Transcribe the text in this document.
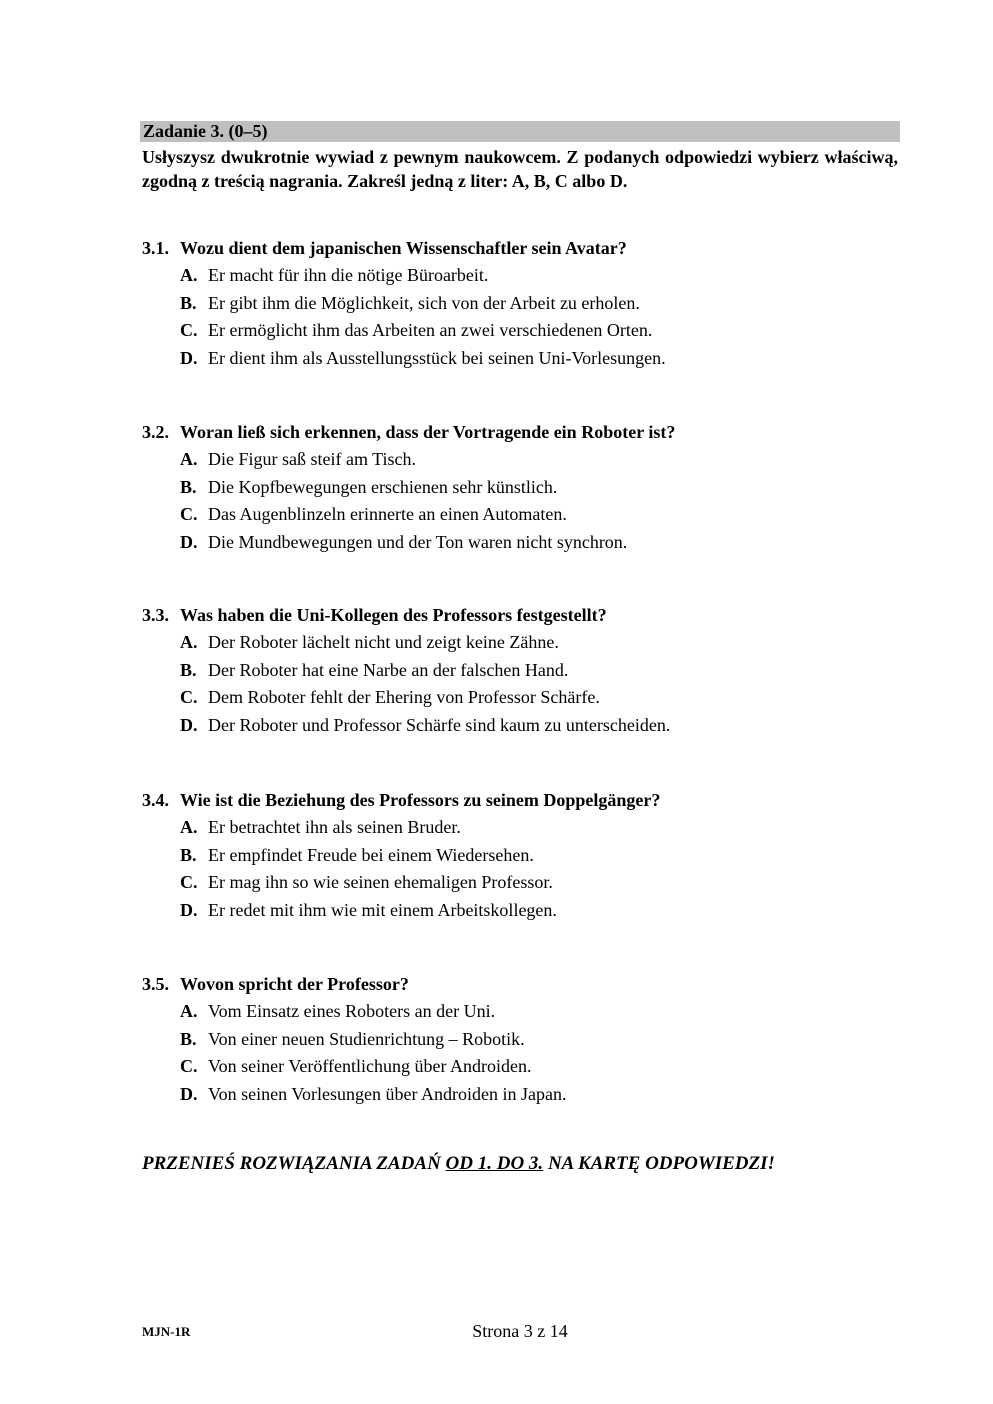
Zadanie 3. (0–5)
Usłyszysz dwukrotnie wywiad z pewnym naukowcem. Z podanych odpowiedzi wybierz właściwą, zgodną z treścią nagrania. Zakreśl jedną z liter: A, B, C albo D.
3.1. Wozu dient dem japanischen Wissenschaftler sein Avatar?
A. Er macht für ihn die nötige Büroarbeit.
B. Er gibt ihm die Möglichkeit, sich von der Arbeit zu erholen.
C. Er ermöglicht ihm das Arbeiten an zwei verschiedenen Orten.
D. Er dient ihm als Ausstellungsstück bei seinen Uni-Vorlesungen.
3.2. Woran ließ sich erkennen, dass der Vortragende ein Roboter ist?
A. Die Figur saß steif am Tisch.
B. Die Kopfbewegungen erschienen sehr künstlich.
C. Das Augenblinzeln erinnerte an einen Automaten.
D. Die Mundbewegungen und der Ton waren nicht synchron.
3.3. Was haben die Uni-Kollegen des Professors festgestellt?
A. Der Roboter lächelt nicht und zeigt keine Zähne.
B. Der Roboter hat eine Narbe an der falschen Hand.
C. Dem Roboter fehlt der Ehering von Professor Schärfe.
D. Der Roboter und Professor Schärfe sind kaum zu unterscheiden.
3.4. Wie ist die Beziehung des Professors zu seinem Doppelgänger?
A. Er betrachtet ihn als seinen Bruder.
B. Er empfindet Freude bei einem Wiedersehen.
C. Er mag ihn so wie seinen ehemaligen Professor.
D. Er redet mit ihm wie mit einem Arbeitskollegen.
3.5. Wovon spricht der Professor?
A. Vom Einsatz eines Roboters an der Uni.
B. Von einer neuen Studienrichtung – Robotik.
C. Von seiner Veröffentlichung über Androiden.
D. Von seinen Vorlesungen über Androiden in Japan.
PRZENIEŚ ROZWIĄZANIA ZADAŃ OD 1. DO 3. NA KARTĘ ODPOWIEDZI!
MJN-1R	Strona 3 z 14
